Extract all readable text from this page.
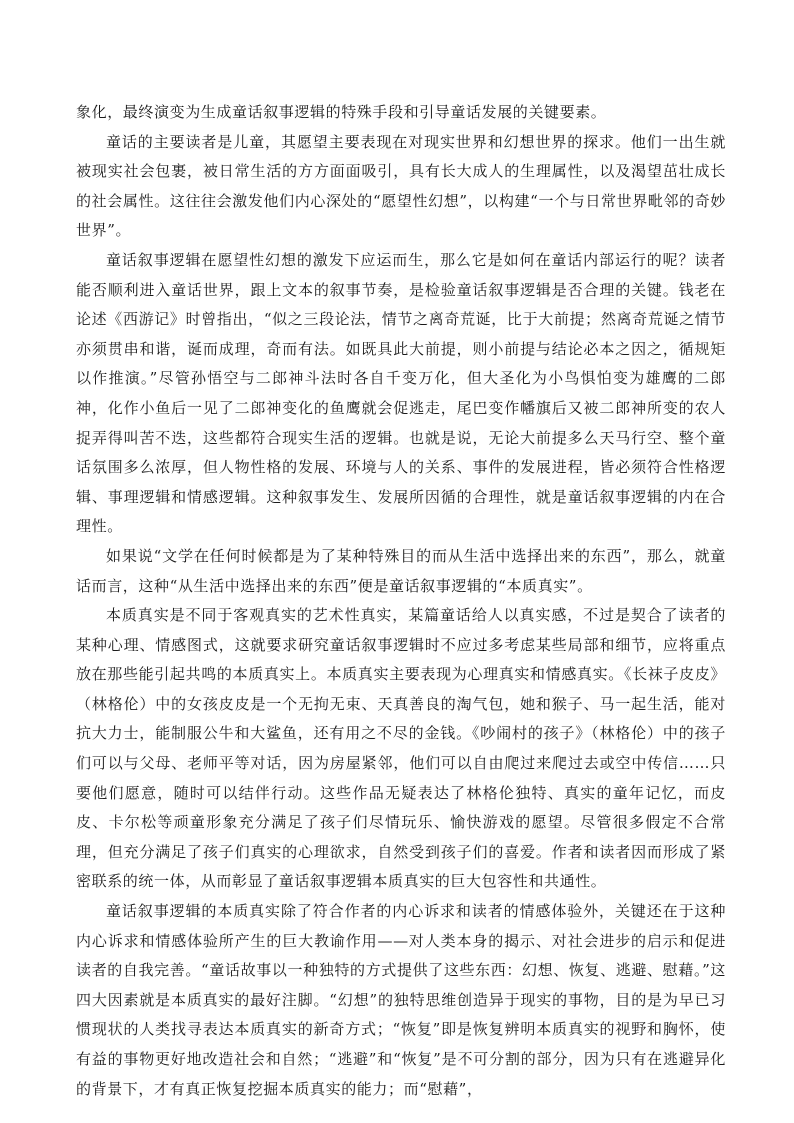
象化，最终演变为生成童话叙事逻辑的特殊手段和引导童话发展的关键要素。

童话的主要读者是儿童，其愿望主要表现在对现实世界和幻想世界的探求。他们一出生就被现实社会包裹，被日常生活的方方面面吸引，具有长大成人的生理属性，以及渴望茁壮成长的社会属性。这往往会激发他们内心深处的“愿望性幻想”，以构建“一个与日常世界毗邻的奇妙世界”。

童话叙事逻辑在愿望性幻想的激发下应运而生，那么它是如何在童话内部运行的呢？读者能否顺利进入童话世界，跟上文本的叙事节奏，是检验童话叙事逻辑是否合理的关键。钱老在论述《西游记》时曾指出，“似之三段论法，情节之离奇荒诞，比于大前提；然离奇荒诞之情节亦须贯串和谐，诞而成理，奇而有法。如既具此大前提，则小前提与结论必本之因之，循规矩以作推演。”尽管孙悟空与二郎神斗法时各自千变万化，但大圣化为小鸟惧怕变为雄鹰的二郎神，化作小鱼后一见了二郎神变化的鱼鹰就会促逃走，尾巴变作幡旗后又被二郎神所变的农人捉弄得叫苦不迭，这些都符合现实生活的逻辑。也就是说，无论大前提多么天马行空、整个童话氛围多么浓厚，但人物性格的发展、环境与人的关系、事件的发展进程，皆必须符合性格逻辑、事理逻辑和情感逻辑。这种叙事发生、发展所因循的合理性，就是童话叙事逻辑的内在合理性。

如果说“文学在任何时候都是为了某种特殊目的而从生活中选择出来的东西”，那么，就童话而言，这种“从生活中选择出来的东西”便是童话叙事逻辑的“本质真实”。

本质真实是不同于客观真实的艺术性真实，某篇童话给人以真实感，不过是契合了读者的某种心理、情感图式，这就要求研究童话叙事逻辑时不应过多考虑某些局部和细节，应将重点放在那些能引起共鸣的本质真实上。本质真实主要表现为心理真实和情感真实。《长袜子皮皮》（林格伦）中的女孩皮皮是一个无拘无束、天真善良的淘气包，她和猴子、马一起生活，能对抗大力士，能制服公牛和大鲨鱼，还有用之不尽的金钱。《吵闹村的孩子》（林格伦）中的孩子们可以与父母、老师平等对话，因为房屋紧邻，他们可以自由爬过来爬过去或空中传信……只要他们愿意，随时可以结伴行动。这些作品无疑表达了林格伦独特、真实的童年记忆，而皮皮、卡尔松等顽童形象充分满足了孩子们尽情玩乐、愉快游戏的愿望。尽管很多假定不合常理，但充分满足了孩子们真实的心理欲求，自然受到孩子们的喜爱。作者和读者因而形成了紧密联系的统一体，从而彰显了童话叙事逻辑本质真实的巨大包容性和共通性。

童话叙事逻辑的本质真实除了符合作者的内心诉求和读者的情感体验外，关键还在于这种内心诉求和情感体验所产生的巨大教谕作用——对人类本身的揭示、对社会进步的启示和促进读者的自我完善。“童话故事以一种独特的方式提供了这些东西：幻想、恢复、逃避、慰藉。”这四大因素就是本质真实的最好注脚。“幻想”的独特思维创造异于现实的事物，目的是为早已习惯现状的人类找寻表达本质真实的新奇方式；“恢复”即是恢复辨明本质真实的视野和胸怀，使有益的事物更好地改造社会和自然；“逃避”和“恢复”是不可分割的部分，因为只有在逃避异化的背景下，才有真正恢复挖掘本质真实的能力；而“慰藉”，
